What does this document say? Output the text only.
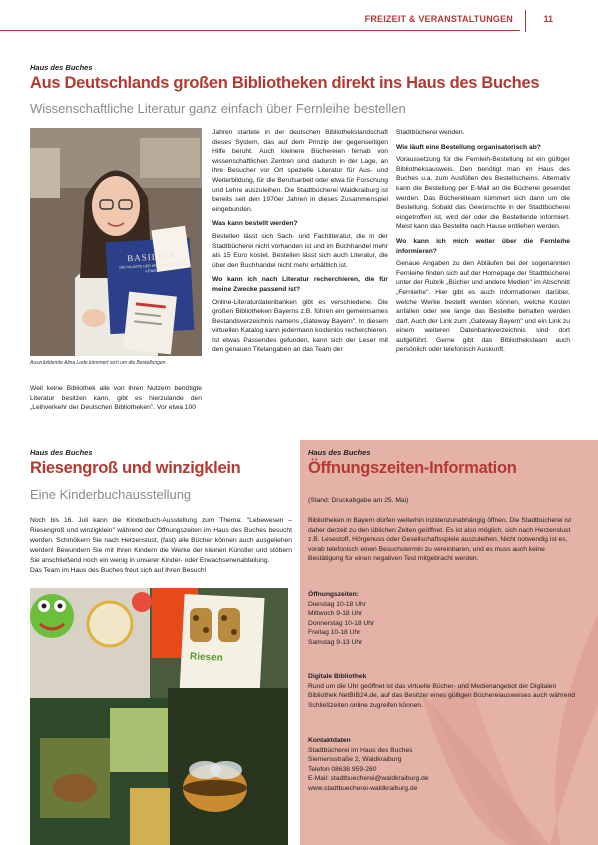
FREIZEIT & VERANSTALTUNGEN	11
Haus des Buches
Aus Deutschlands großen Bibliotheken direkt ins Haus des Buches
Wissenschaftliche Literatur ganz einfach über Fernleihe bestellen
BASILEIA
DIE PALÄSTE DER HELLENISTISCHEN KÖNIGE
Auszubildende Alina Lode kümmert sich um die Bestellungen.

Weil keine Bibliothek alle von ihren Nutzern benötigte Literatur besitzen kann, gibt es hierzulande den „Leihverkehr der Deutschen Bibliotheken". Vor etwa 100

Jahren startete in der deutschen Bibliothekslandschaft dieses System, das auf dem Prinzip der gegenseitigen Hilfe beruht. Auch kleinere Büchereien fernab von wissenschaftlichen Zentren sind dadurch in der Lage, an ihre Besucher vor Ort spezielle Literatur für Aus- und Weiterbildung, für die Berufsarbeit oder etwa für Forschung und Lehre auszuleihen. Die Stadtbücherei Waldkraiburg ist bereits seit den 1970er Jahren in dieses Zusammenspiel eingebunden.

Was kann bestellt werden?

Bestellen lässt sich Sach- und Fachliteratur, die in der Stadtbücherei nicht vorhanden ist und im Buchhandel mehr als 15 Euro kostet. Bestellen lässt sich auch Literatur, die über den Buchhandel nicht mehr erhältlich ist.

Wo kann ich nach Literatur recherchieren, die für meine Zwecke passend ist?

Online-Literaturdatenbanken gibt es verschiedene. Die großen Bibliotheken Bayerns z.B. führen ein gemeinsames Bestandsverzeichnis namens „Gateway Bayern". In diesem virtuellen Katalog kann jedermann kostenlos recherchieren. Ist etwas Passendes gefunden, kann sich der Leser mit den genauen Titelangaben an das Team der

Stadtbücherei wenden.

Wie läuft eine Bestellung organisatorisch ab?

Voraussetzung für die Fernleih-Bestellung ist ein gültiger Bibliotheksausweis. Den benötigt man im Haus des Buches u.a. zum Ausfüllen des Bestellscheins. Alternativ kann die Bestellung per E-Mail an die Bücherei gesendet werden. Das Büchereiteam kümmert sich dann um die Bestellung. Sobald das Gewünschte in der Stadtbücherei eingetroffen ist, wird der oder die Bestellende informiert. Meist kann das Bestellte nach Hause entliehen werden.

Wo kann ich mich weiter über die Fernleihe informieren?

Genaue Angaben zu den Abläufen bei der sogenannten Fernleihe finden sich auf der Homepage der Stadtbücherei unter der Rubrik „Bücher und andere Medien" im Abschnitt „Fernleihe". Hier gibt es auch Informationen darüber, welche Werke bestellt werden können, welche Kosten anfallen oder wie lange das Bestellte behalten werden darf. Auch der Link zum „Gateway Bayern" und ein Link zu einem weiteren Datenbankverzeichnis sind dort aufgeführt. Gerne gibt das Bibliotheksteam auch persönlich oder telefonisch Auskunft.

Haus des Buches
Riesengroß und winzigklein
Eine Kinderbuchausstellung

Noch bis 16. Juli kann die Kinderbuch-Ausstellung zum Thema: "Lebewesen – Riesengroß und winzigklein" während der Öffnungszeiten im Haus des Buches besucht werden. Schmökern Sie nach Herzenslust, (fast) alle Bücher können auch ausgeliehen werden! Bewundern Sie mit Ihren Kindern die Werke der kleinen Künstler und stöbern Sie anschließend noch ein wenig in unserer Kinder- oder Erwachsenenabteilung.

Das Team im Haus des Buches freut sich auf Ihren Besuch!

Riesen
Haus des Buches
Öffnungszeiten-Information
(Stand: Druckabgabe am 25. Mai)
Bibliotheken in Bayern dürfen weiterhin inzidenzunabhängig öffnen. Die Stadtbücherei ist daher derzeit zu den üblichen Zeiten geöffnet. Es ist also möglich, sich nach Herzenslust z.B. Lesestoff, Hörgenuss oder Gesellschaftsspiele auszuleihen. Nicht notwendig ist es, vorab telefonisch einen Besuchstermin zu vereinbaren, und es muss auch keine Bestätigung für einen negativen Test mitgebracht werden.
Öffnungszeiten:
Dienstag 10-18 Uhr
Mittwoch 9-18 Uhr
Donnerstag 10-18 Uhr
Freitag 10-18 Uhr
Samstag 9-13 Uhr
Digitale Bibliothek
Rund um die Uhr geöffnet ist das virtuelle Bücher- und Medienangebot der Digitalen Bibliothek NetBIB24.de, auf das Besitzer eines gültigen Büchereiausweises auch während Schließzeiten online zugreifen können.
Kontaktdaten
Stadtbücherei im Haus des Buches
Siemensstraße 2, Waldkraiburg
Telefon 08638 959-260
E-Mail: stadtbuecherei@waldkraiburg.de
www.stadtbuecherei-waldkraiburg.de
